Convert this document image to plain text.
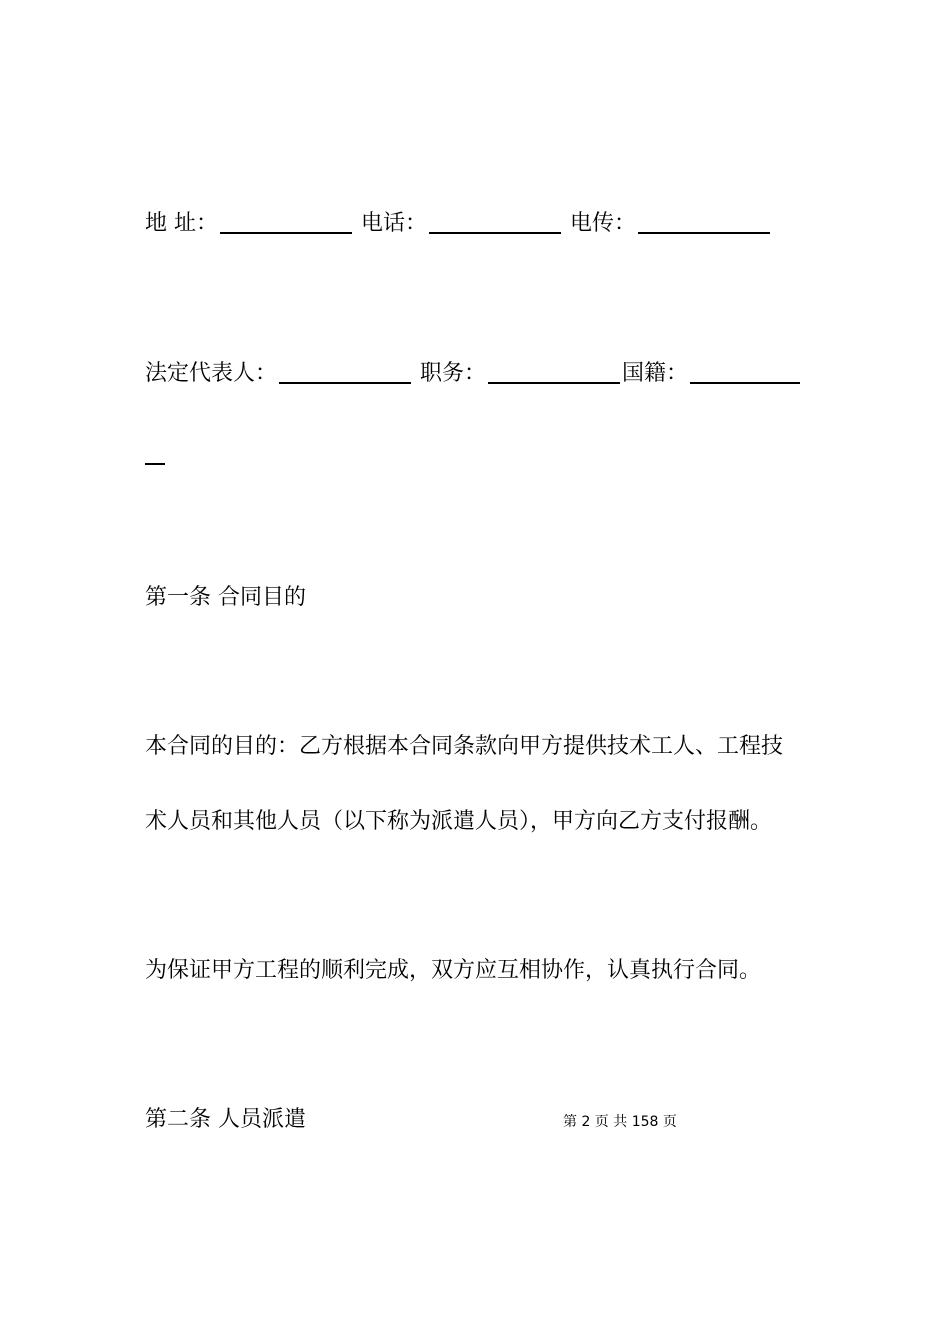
地 址：	电话：	电传：
法定代表人：	职务：	国籍：
第一条 合同目的
本合同的目的：乙方根据本合同条款向甲方提供技术工人、工程技
术人员和其他人员（以下称为派遣人员），甲方向乙方支付报酬。
为保证甲方工程的顺利完成，双方应互相协作，认真执行合同。
第二条 人员派遣	第 2 页 共 158 页
